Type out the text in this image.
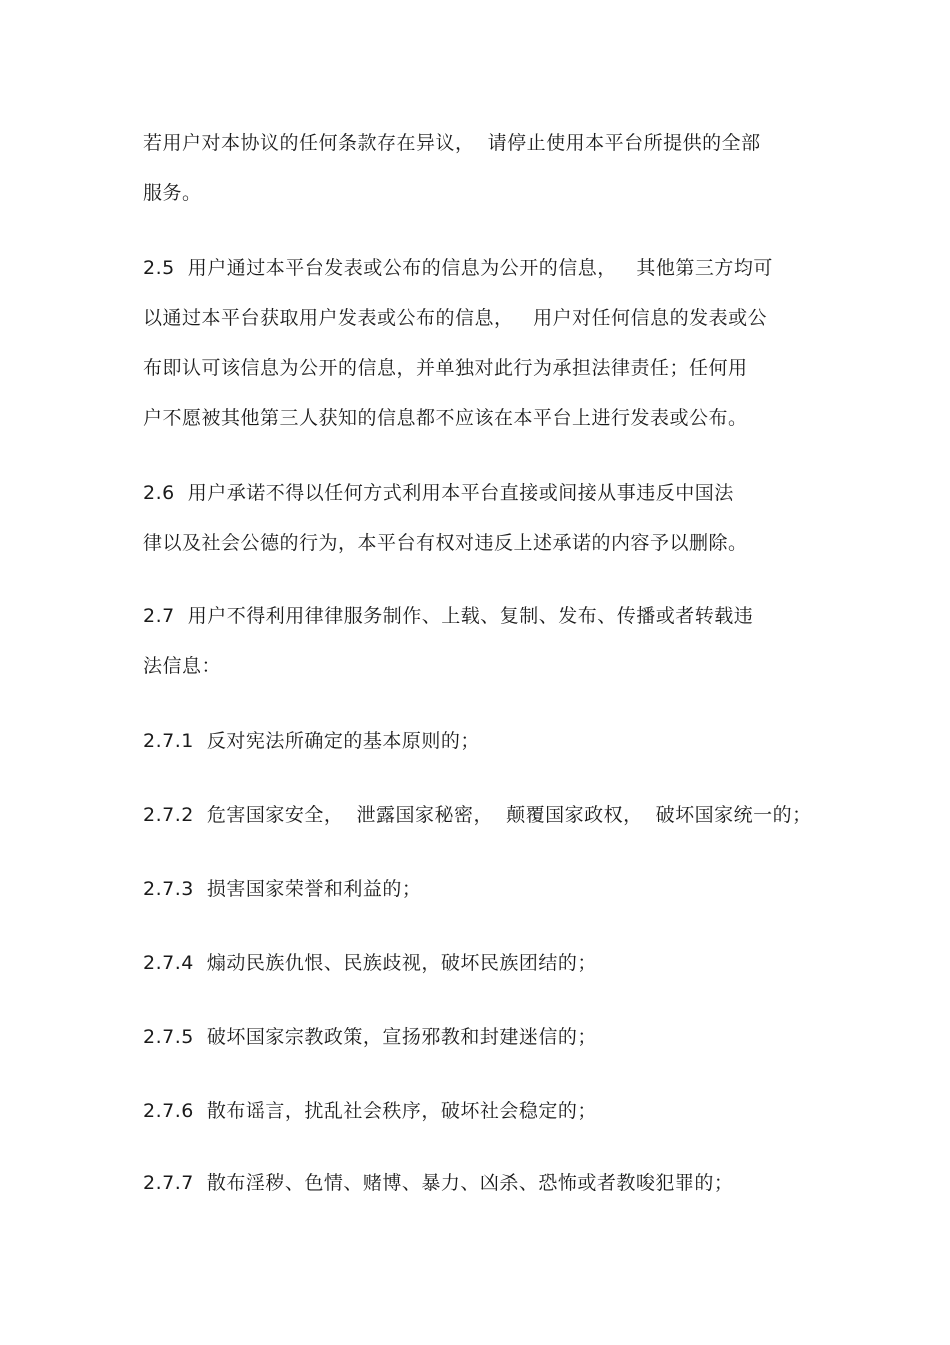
若用户对本协议的任何条款存在异议，  请停止使用本平台所提供的全部
服务。
2.5  用户通过本平台发表或公布的信息为公开的信息，   其他第三方均可
以通过本平台获取用户发表或公布的信息，   用户对任何信息的发表或公
布即认可该信息为公开的信息，并单独对此行为承担法律责任；任何用
户不愿被其他第三人获知的信息都不应该在本平台上进行发表或公布。
2.6  用户承诺不得以任何方式利用本平台直接或间接从事违反中国法
律以及社会公德的行为，本平台有权对违反上述承诺的内容予以删除。
2.7  用户不得利用律律服务制作、上载、复制、发布、传播或者转载违
法信息：
2.7.1  反对宪法所确定的基本原则的；
2.7.2  危害国家安全，  泄露国家秘密，  颠覆国家政权，  破坏国家统一的；
2.7.3  损害国家荣誉和利益的；
2.7.4  煽动民族仇恨、民族歧视，破坏民族团结的；
2.7.5  破坏国家宗教政策，宣扬邪教和封建迷信的；
2.7.6  散布谣言，扰乱社会秩序，破坏社会稳定的；
2.7.7  散布淫秽、色情、赌博、暴力、凶杀、恐怖或者教唆犯罪的；
